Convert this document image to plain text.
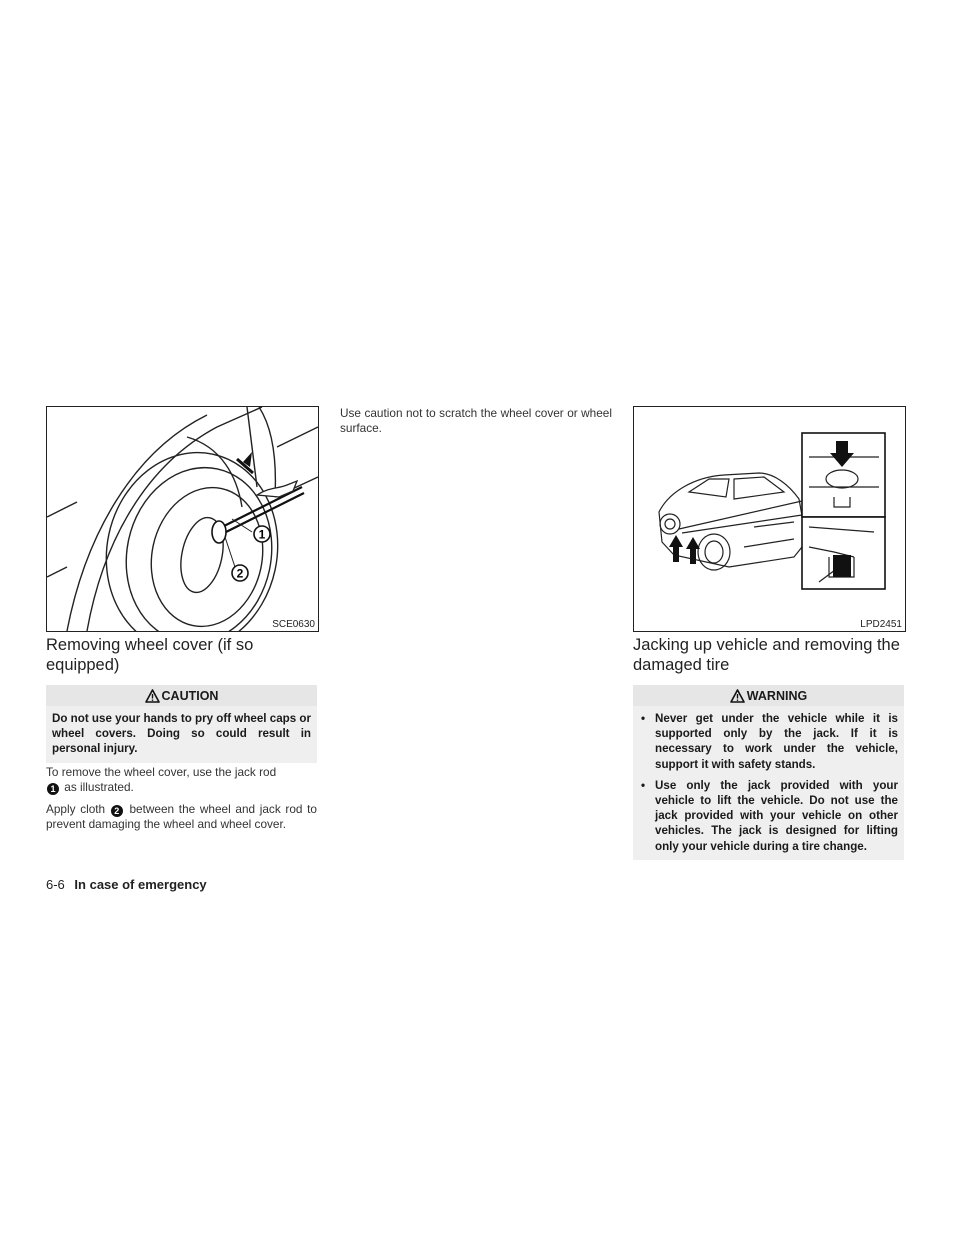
1
2
SCE0630	LPD2451
Removing wheel cover (if so equipped)
CAUTION
Do not use your hands to pry off wheel caps or wheel covers. Doing so could result in personal injury.

To remove the wheel cover, use the jack rod
1 as illustrated.

Apply cloth 2 between the wheel and jack rod to prevent damaging the wheel and wheel cover.

Use caution not to scratch the wheel cover or wheel surface.
Jacking up vehicle and removing the damaged tire
WARNING
• Never get under the vehicle while it is supported only by the jack. If it is necessary to work under the vehicle, support it with safety stands.
• Use only the jack provided with your vehicle to lift the vehicle. Do not use the jack provided with your vehicle on other vehicles. The jack is designed for lifting only your vehicle during a tire change.
6-6 In case of emergency
